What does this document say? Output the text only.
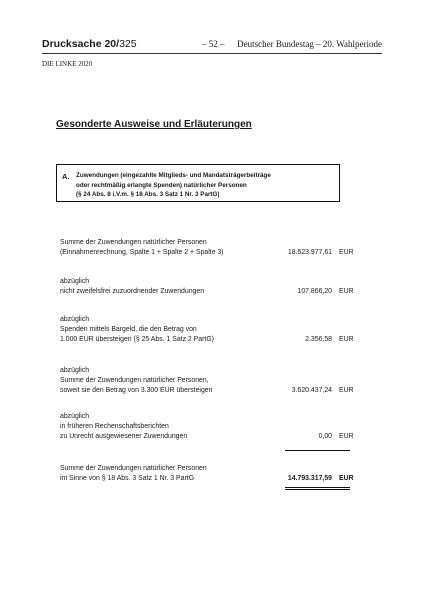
Drucksache 20/325	– 52 – Deutscher Bundestag – 20. Wahlperiode
DIE LINKE 2020
Gesonderte Ausweise und Erläuterungen
A. Zuwendungen (eingezahlte Mitglieds- und Mandatsträgerbeiträge
oder rechtmäßig erlangte Spenden) natürlicher Personen
(§ 24 Abs. 8 i.V.m. § 18 Abs. 3 Satz 1 Nr. 3 PartG)
Summe der Zuwendungen natürlicher Personen
(Einnahmenrechnung, Spalte 1 + Spalte 2 + Spalte 3)	18.523.977,61 EUR
abzüglich
nicht zweifelsfrei zuzuordnender Zuwendungen	107.866,20 EUR
abzüglich
Spenden mittels Bargeld, die den Betrag von
1.000 EUR übersteigen (§ 25 Abs. 1 Satz 2 PartG)	2.356,58 EUR
abzüglich
Summe der Zuwendungen natürlicher Personen,
soweit sie den Betrag von 3.300 EUR übersteigen	3.620.437,24 EUR
abzüglich
in früheren Rechenschaftsberichten
zu Unrecht ausgewiesener Zuwendungen	0,00 EUR
Summe der Zuwendungen natürlicher Personen
im Sinne von § 18 Abs. 3 Satz 1 Nr. 3 PartG	14.793.317,59 EUR
